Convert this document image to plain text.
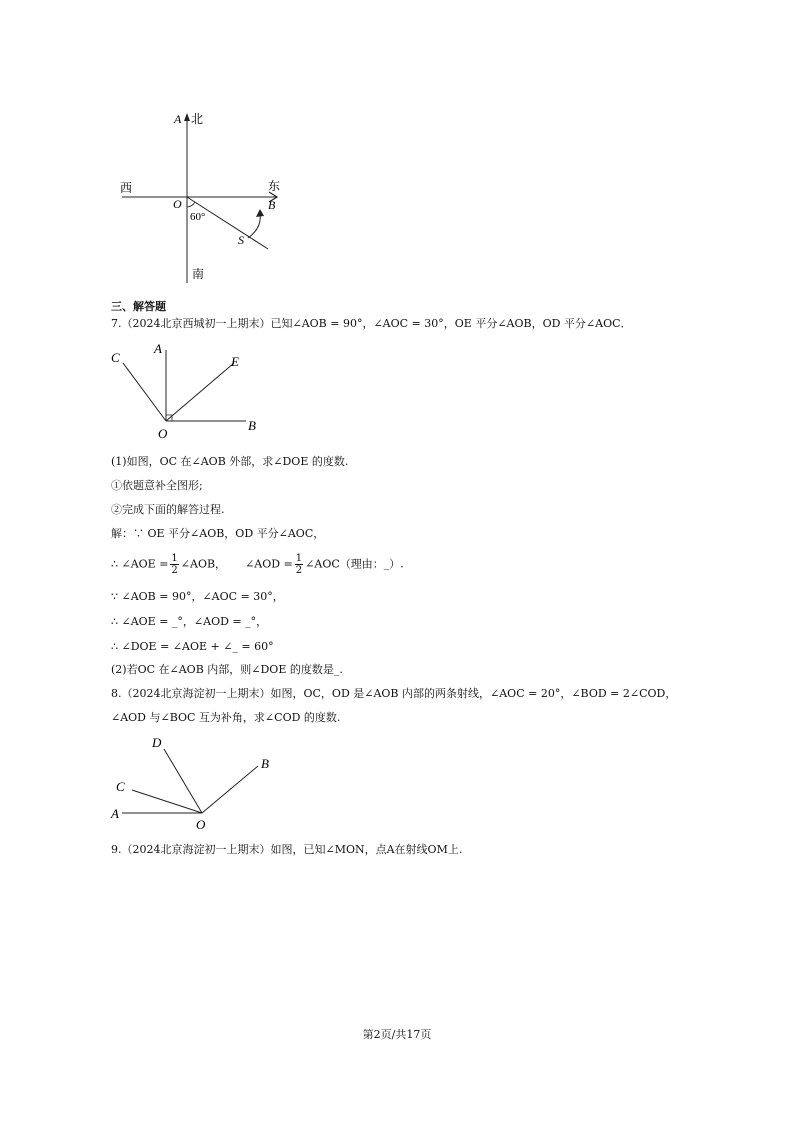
A 北
西	东
O	B
60°
S
南
三、解答题
7.（2024北京西城初一上期末）已知∠AOB = 90°，∠AOC = 30°，OE 平分∠AOB，OD 平分∠AOC．
C
A
E
O
B
(1)如图，OC 在∠AOB 外部，求∠DOE 的度数.
①依题意补全图形;
②完成下面的解答过程.
解：∵ OE 平分∠AOB，OD 平分∠AOC，
∴ ∠AOE = $\frac{1}{2}$ ∠AOB， ∠AOD = $\frac{1}{2}$ ∠AOC（理由：_）.
∵ ∠AOB = 90°，∠AOC = 30°，
∴ ∠AOE = _°，∠AOD = _°，
∴ ∠DOE = ∠AOE + ∠_ = 60°
(2)若OC 在∠AOB 内部，则∠DOE 的度数是_.
8.（2024北京海淀初一上期末）如图，OC，OD 是∠AOB 内部的两条射线，∠AOC = 20°，∠BOD = 2∠COD，
∠AOD 与∠BOC 互为补角，求∠COD 的度数.
D
B
C
A
O
9.（2024北京海淀初一上期末）如图，已知∠MON，点A在射线OM上.
第2页/共17页
